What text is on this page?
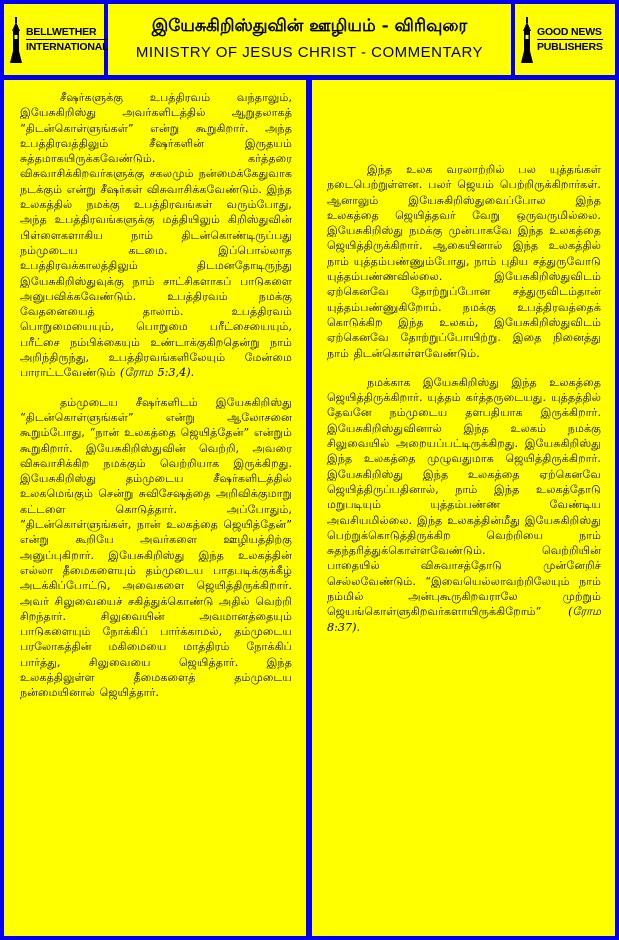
BELLWETHER
INTERNATIONAL
இயேசுகிறிஸ்துவின் ஊழியம் - விரிவுரை
MINISTRY OF JESUS CHRIST - COMMENTARY
GOOD NEWS
PUBLISHERS

சீஷர்களுக்கு உபத்திரவம் வந்தாலும், இயேசுகிறிஸ்து அவர்களிடத்தில் ஆறுதலாகத் “திடன்கொள்ளுங்கள்” என்று கூறுகிறார். அந்த உபத்திரவத்திலும் சீஷர்களின் இருதயம் சுத்தமாகயிருக்கவேண்டும். கர்த்தரை விசுவாசிக்கிறவர்களுக்கு சகலமும் நன்மைக்கேதுவாக நடக்கும் என்று சீஷர்கள் விசுவாசிக்கவேண்டும். இந்த உலகத்தில் நமக்கு உபத்திரவங்கள் வரும்போது, அந்த உபத்திரவங்களுக்கு மத்தியிலும் கிறிஸ்துவின் பிள்ளைகளாகிய நாம் திடன்கொண்டிருப்பது நம்முடைய கடமை. இப்பொல்லாத உபத்திரவக்காலத்திலும் திடமனதோடிருந்து இயேசுகிறிஸ்துவுக்கு நாம் சாட்சிகளாகப் பாடுகளை அனுபவிக்கவேண்டும். உபத்திரவம் நமக்கு வேதனையைத் தாலாம். உபத்திரவம் பொறுமையையும், பொறுமை பரீட்சையையும், பரீட்சை நம்பிக்கையும் உண்டாக்குகிறதென்று நாம் அறிந்திருந்து, உபத்திரவங்களிலேயும் மேன்மை பாராட்டவேண்டும் (ரோம 5:3,4).

தம்முடைய சீஷர்களிடம் இயேசுகிறிஸ்து “திடன்கொள்ளுங்கள்” என்று ஆலோசனை கூறும்போது, “நான் உலகத்தை ஜெயித்தேன்” என்றும் கூறுகிறார். இயேசுகிறிஸ்துவின் வெற்றி, அவரை விசுவாசிக்கிற நமக்கும் வெற்றியாக இருக்கிறது. இயேசுகிறிஸ்து தம்முடைய சீஷர்களிடத்தில் உலகமெங்கும் சென்று சுவிசேஷத்தை அறிவிக்குமாறு கட்டளை கொடுத்தார். அப்போதும், “திடன்கொள்ளுங்கள், நான் உலகத்தை ஜெயித்தேன்” என்று கூறியே அவர்களை ஊழியத்திற்கு அனுப்புகிறார். இயேசுகிறிஸ்து இந்த உலகத்தின் எல்லா தீமைகளையும் தம்முடைய பாதபடிக்குக்கீழ் அடக்கிப்போட்டு, அவைகளை ஜெயித்திருக்கிறார். அவர் சிலுவையைச் சகித்துக்கொண்டு அதில் வெற்றி சிறந்தார். சிலுவையின் அவமானத்தையும் பாடுகளையும் நோக்கிப் பார்க்காமல், தம்முடைய பரலோகத்தின் மகிமையை மாத்திரம் நோக்கிப் பார்த்து, சிலுவையை ஜெயித்தார். இந்த உலகத்திலுள்ள தீமைகளைத் தம்முடைய நன்மையினால் ஜெயித்தார்.

இந்த உலக வரலாற்றில் பல யுத்தங்கள் நடைபெற்றுள்ளன. பலர் ஜெயம் பெற்றிருக்கிறார்கள். ஆனாலும் இயேசுகிறிஸ்துவைப்போல இந்த உலகத்தை ஜெயித்தவர் வேறு ஒருவருமில்லை. இயேசுகிறிஸ்து நமக்கு முன்பாகவே இந்த உலகத்தை ஜெயித்திருக்கிறார். ஆகையினால் இந்த உலகத்தில் நாம் யுத்தம்பண்ணும்போது, நாம் புதிய சத்துருவோடு யுத்தம்பண்ணவில்லை. இயேசுகிறிஸ்துவிடம் ஏற்கெனவே தோற்றுப்போன சத்துருவிடம்தான் யுத்தம்பண்ணுகிறோம். நமக்கு உபத்திரவத்தைக் கொடுக்கிற இந்த உலகம், இயேசுகிறிஸ்துவிடம் ஏற்கெனவே தோற்றுப்போயிற்று. இதை நினைத்து நாம் திடன்கொள்ளவேண்டும்.

நமக்காக இயேசுகிறிஸ்து இந்த உலகத்தை ஜெயித்திருக்கிறார். யுத்தம் கர்த்தருடையது. யுத்தத்தில் தேவனே நம்முடைய தளபதியாக இருக்கிறார். இயேசுகிறிஸ்துவினால் இந்த உலகம் நமக்கு சிலுவையில் அறையப்பட்டிருக்கிறது. இயேசுகிறிஸ்து இந்த உலகத்தை முழுவதுமாக ஜெயித்திருக்கிறார். இயேசுகிறிஸ்து இந்த உலகத்தை ஏற்கெனவே ஜெயித்திருப்பதினால், நாம் இந்த உலகத்தோடு மறுபடியும் யுத்தம்பண்ண வேண்டிய அவசியமில்லை. இந்த உலகத்தின்மீது இயேசுகிறிஸ்து பெற்றுக்கொடுத்திருக்கிற வெற்றியை நாம் சுதந்தரித்துக்கொள்ளவேண்டும். வெற்றியின் பாதையில் விசுவாசத்தோடு முன்னேறிச் செல்லவேண்டும். “இவையெல்லாவற்றிலேயும் நாம் நம்மில் அன்புகூருகிறவராலே முற்றும் ஜெயங்கொள்ளுகிறவர்களாயிருக்கிறோம்” (ரோம 8:37).
